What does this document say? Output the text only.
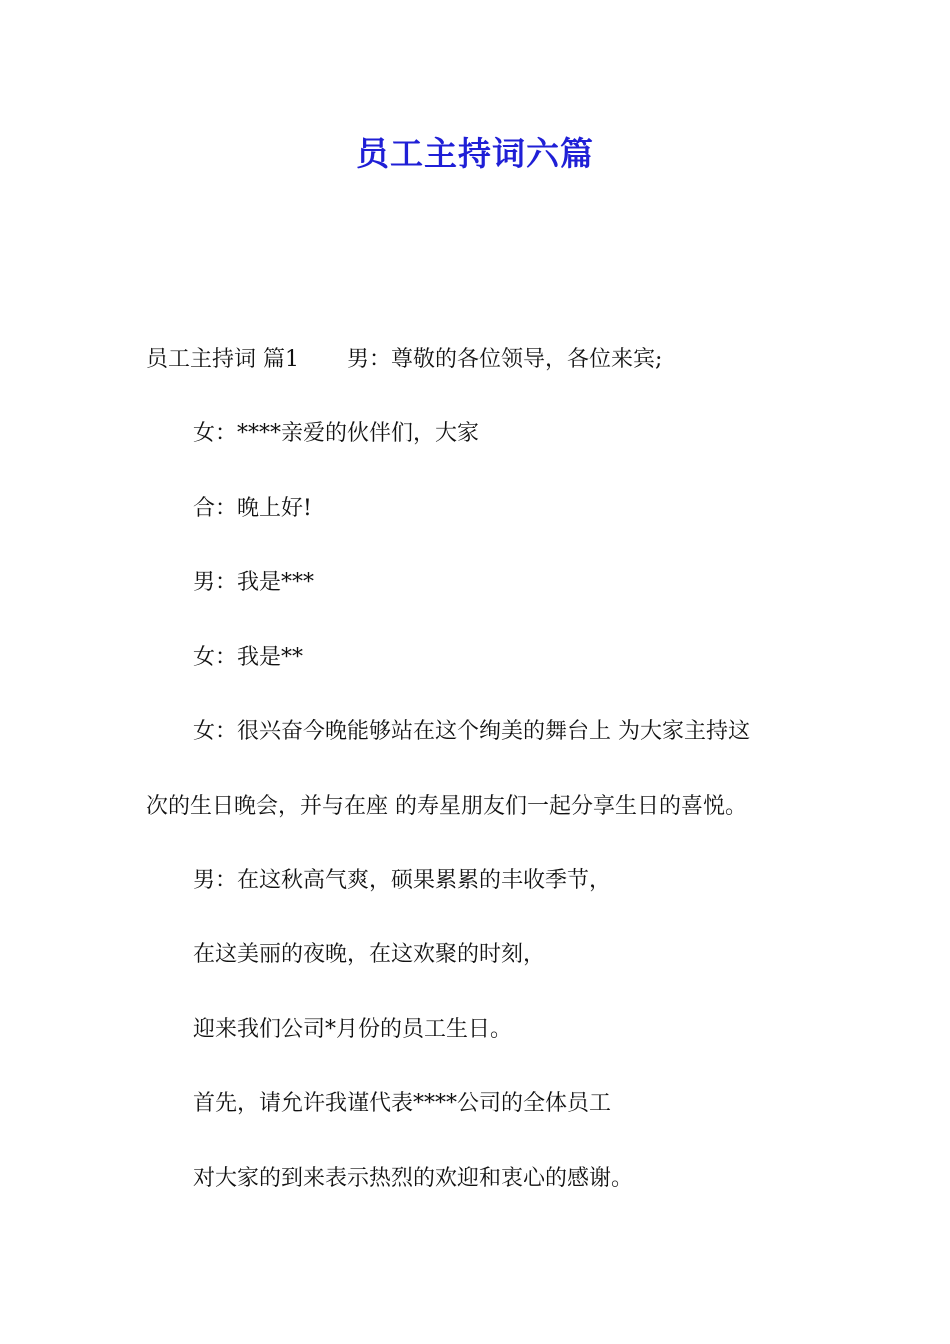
员工主持词六篇

员工主持词 篇1 男：尊敬的各位领导，各位来宾;

女：****亲爱的伙伴们，大家

合：晚上好!

男：我是***

女：我是**

女：很兴奋今晚能够站在这个绚美的舞台上 为大家主持这

次的生日晚会，并与在座 的寿星朋友们一起分享生日的喜悦。

男：在这秋高气爽，硕果累累的丰收季节，

在这美丽的夜晚，在这欢聚的时刻，

迎来我们公司*月份的员工生日。

首先，请允许我谨代表****公司的全体员工

对大家的到来表示热烈的欢迎和衷心的感谢。
